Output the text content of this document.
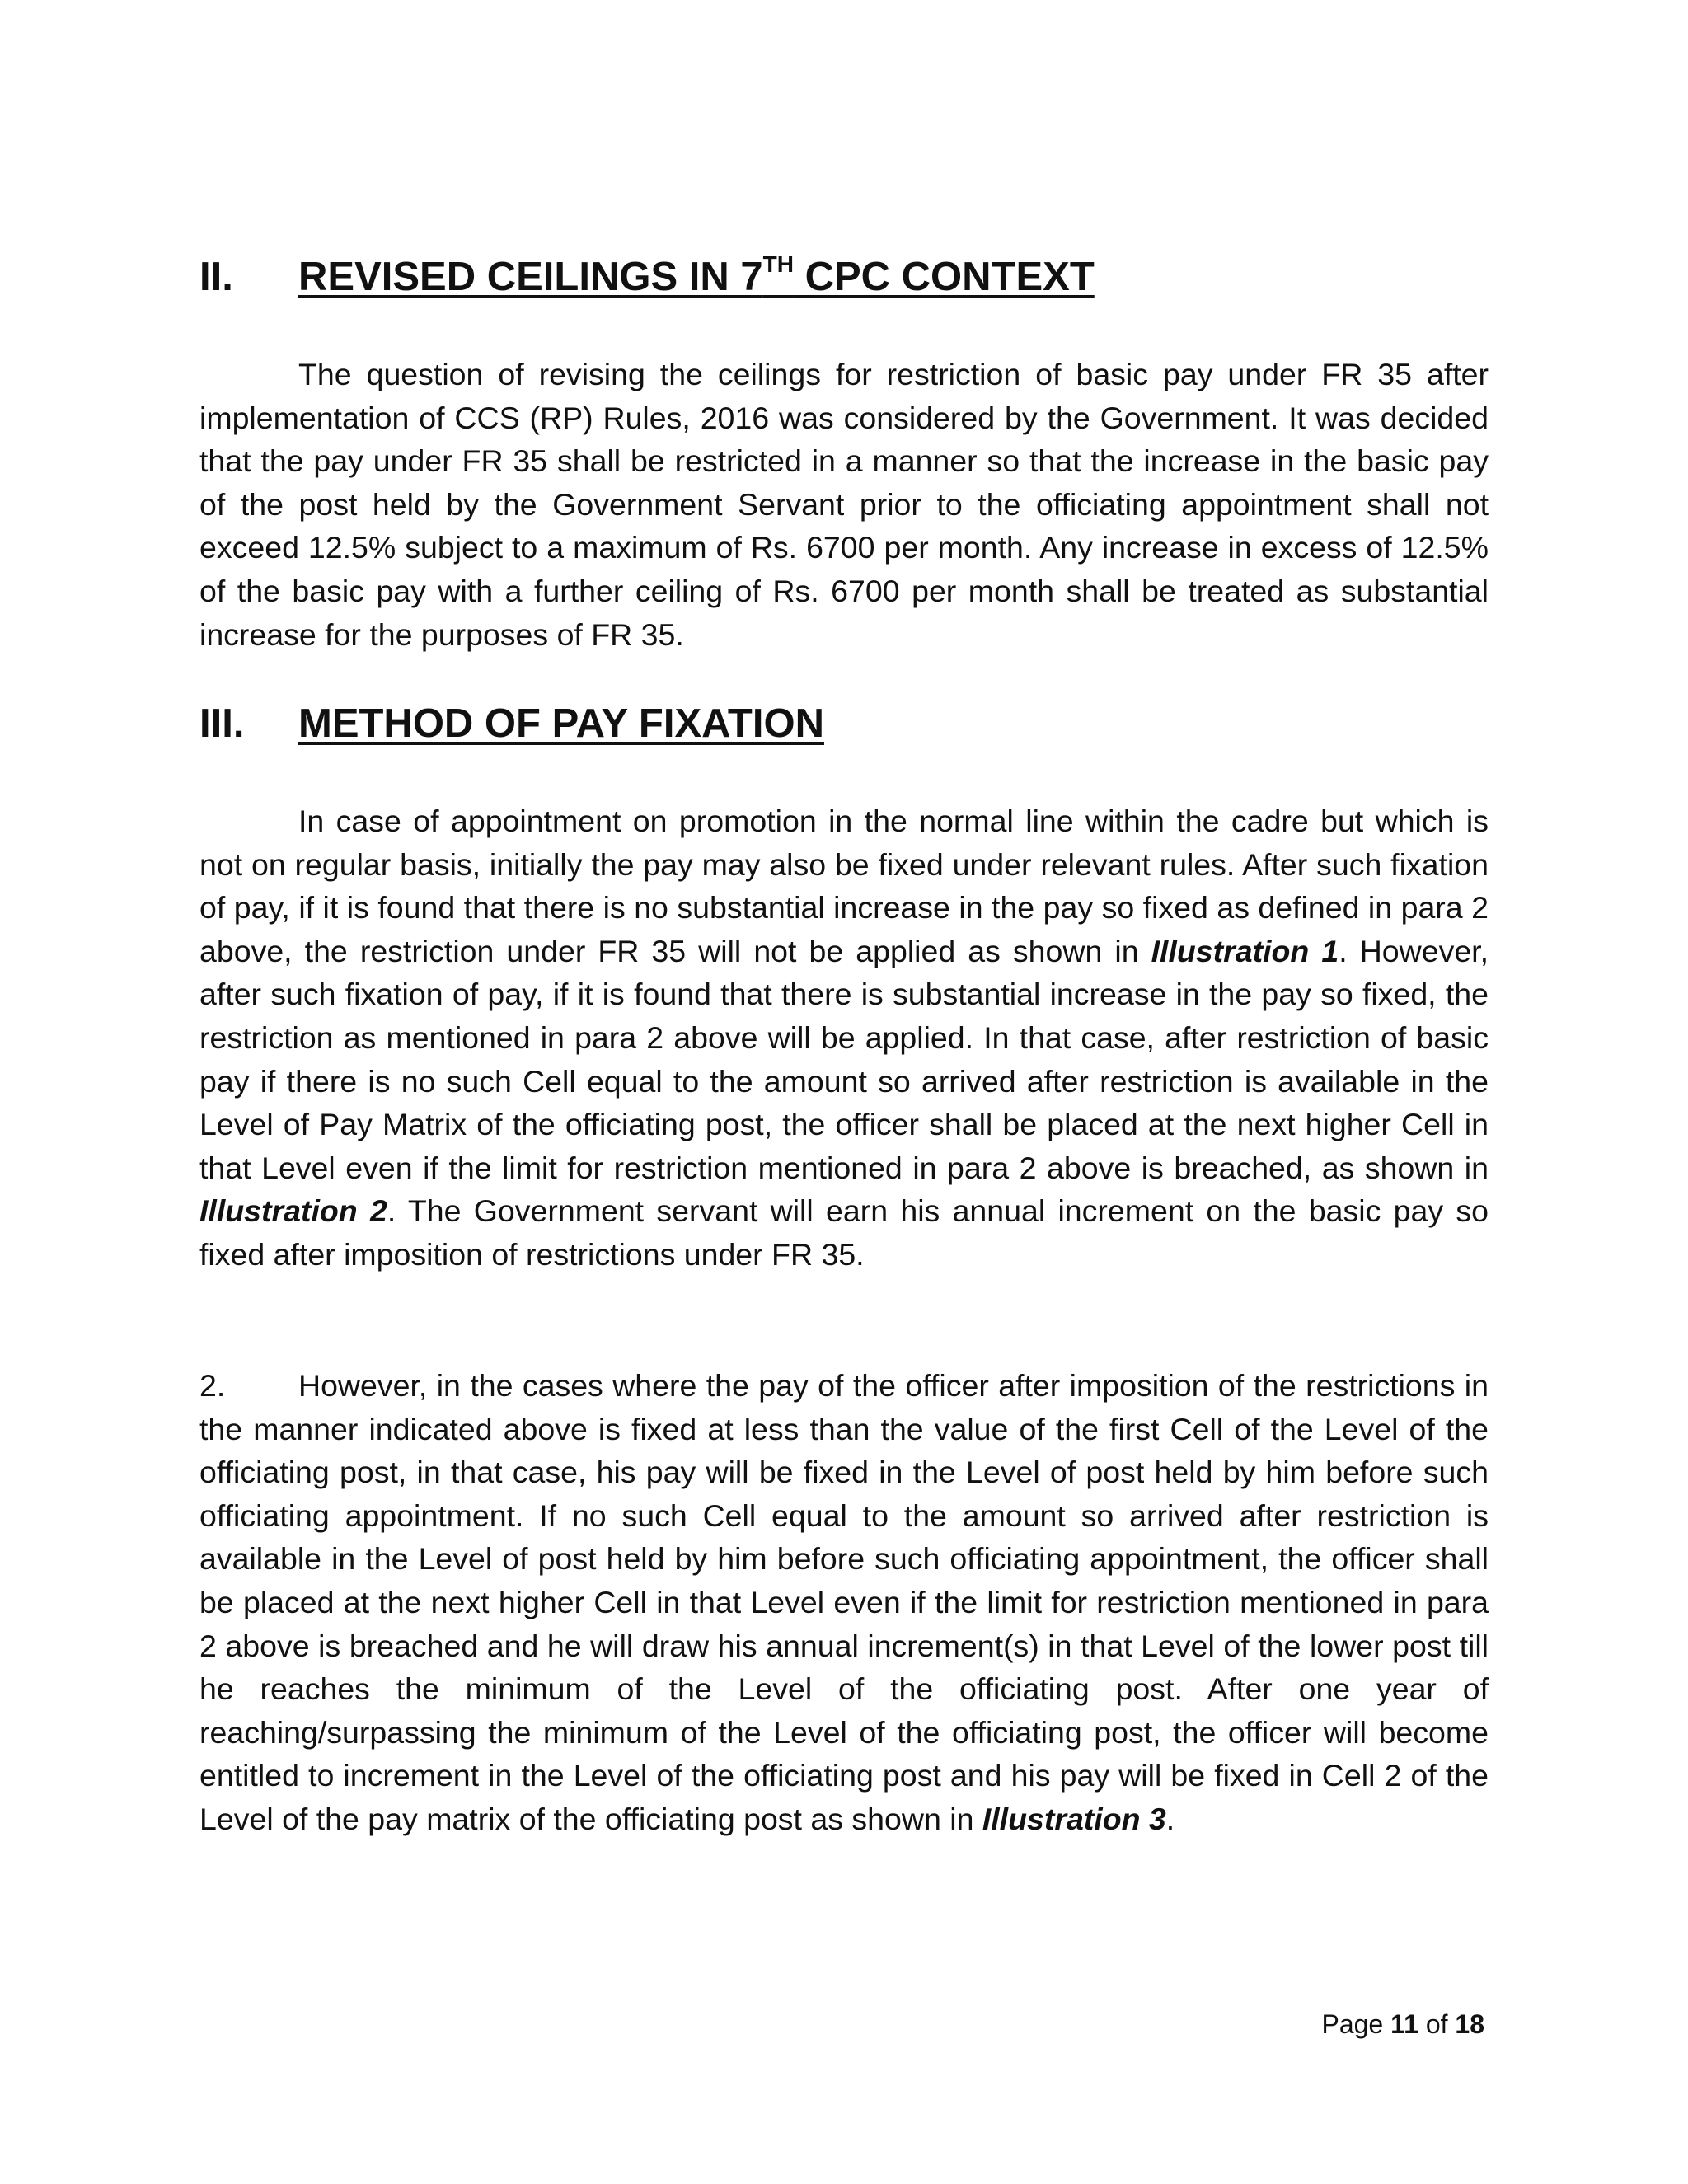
II. REVISED CEILINGS IN 7TH CPC CONTEXT

The question of revising the ceilings for restriction of basic pay under FR 35 after implementation of CCS (RP) Rules, 2016 was considered by the Government. It was decided that the pay under FR 35 shall be restricted in a manner so that the increase in the basic pay of the post held by the Government Servant prior to the officiating appointment shall not exceed 12.5% subject to a maximum of Rs. 6700 per month. Any increase in excess of 12.5% of the basic pay with a further ceiling of Rs. 6700 per month shall be treated as substantial increase for the purposes of FR 35.

III. METHOD OF PAY FIXATION

In case of appointment on promotion in the normal line within the cadre but which is not on regular basis, initially the pay may also be fixed under relevant rules. After such fixation of pay, if it is found that there is no substantial increase in the pay so fixed as defined in para 2 above, the restriction under FR 35 will not be applied as shown in Illustration 1. However, after such fixation of pay, if it is found that there is substantial increase in the pay so fixed, the restriction as mentioned in para 2 above will be applied. In that case, after restriction of basic pay if there is no such Cell equal to the amount so arrived after restriction is available in the Level of Pay Matrix of the officiating post, the officer shall be placed at the next higher Cell in that Level even if the limit for restriction mentioned in para 2 above is breached, as shown in Illustration 2. The Government servant will earn his annual increment on the basic pay so fixed after imposition of restrictions under FR 35.

2. However, in the cases where the pay of the officer after imposition of the restrictions in the manner indicated above is fixed at less than the value of the first Cell of the Level of the officiating post, in that case, his pay will be fixed in the Level of post held by him before such officiating appointment. If no such Cell equal to the amount so arrived after restriction is available in the Level of post held by him before such officiating appointment, the officer shall be placed at the next higher Cell in that Level even if the limit for restriction mentioned in para 2 above is breached and he will draw his annual increment(s) in that Level of the lower post till he reaches the minimum of the Level of the officiating post. After one year of reaching/surpassing the minimum of the Level of the officiating post, the officer will become entitled to increment in the Level of the officiating post and his pay will be fixed in Cell 2 of the Level of the pay matrix of the officiating post as shown in Illustration 3.

Page 11 of 18
